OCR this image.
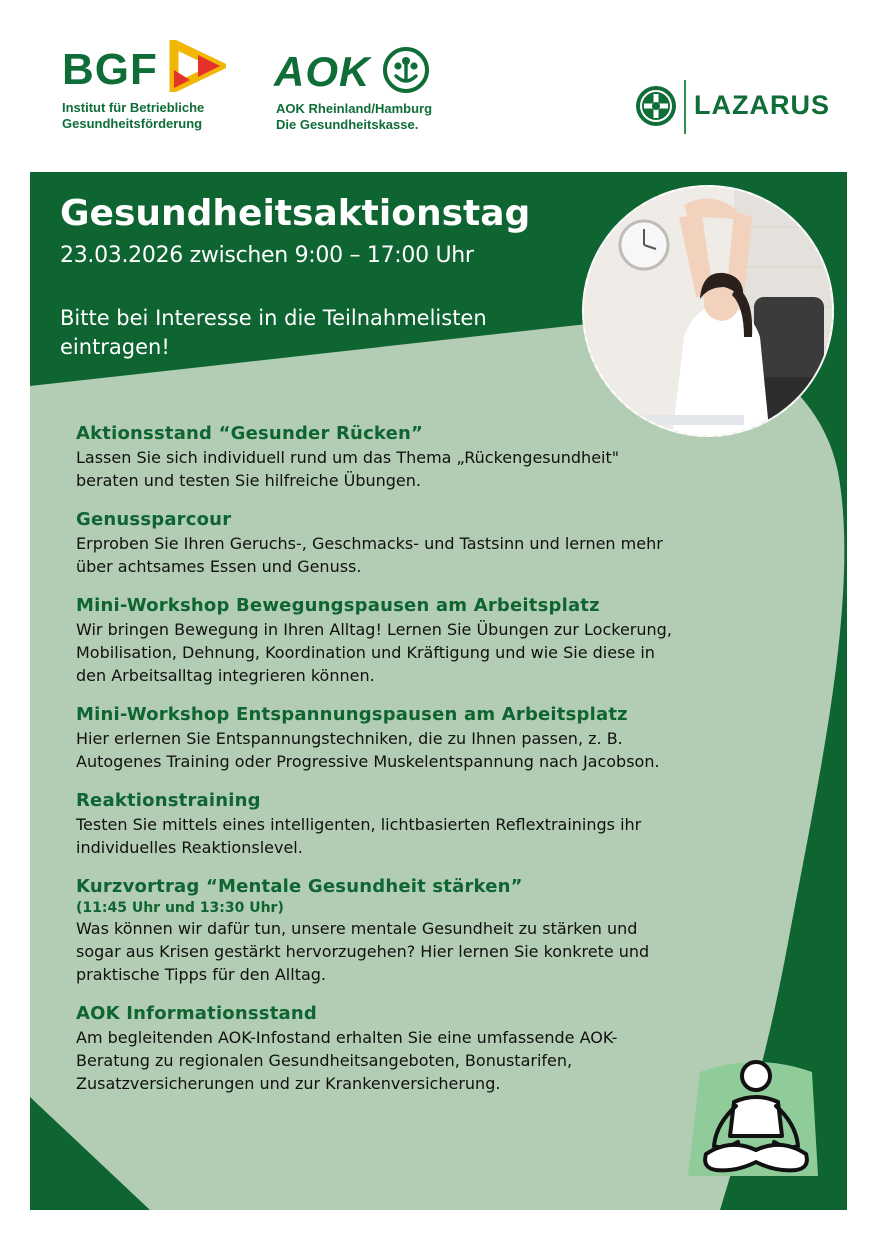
BGF
Institut für Betriebliche
Gesundheitsförderung
AOK
AOK Rheinland/Hamburg
Die Gesundheitskasse.
LAZARUS
Gesundheitsaktionstag
23.03.2026 zwischen 9:00 – 17:00 Uhr
Bitte bei Interesse in die Teilnahmelisten
eintragen!
Aktionsstand “Gesunder Rücken”
Lassen Sie sich individuell rund um das Thema „Rückengesundheit"
beraten und testen Sie hilfreiche Übungen.
Genussparcour
Erproben Sie Ihren Geruchs-, Geschmacks- und Tastsinn und lernen mehr
über achtsames Essen und Genuss.
Mini-Workshop Bewegungspausen am Arbeitsplatz
Wir bringen Bewegung in Ihren Alltag! Lernen Sie Übungen zur Lockerung,
Mobilisation, Dehnung, Koordination und Kräftigung und wie Sie diese in
den Arbeitsalltag integrieren können.
Mini-Workshop Entspannungspausen am Arbeitsplatz
Hier erlernen Sie Entspannungstechniken, die zu Ihnen passen, z. B.
Autogenes Training oder Progressive Muskelentspannung nach Jacobson.
Reaktionstraining
Testen Sie mittels eines intelligenten, lichtbasierten Reflextrainings ihr
individuelles Reaktionslevel.
Kurzvortrag “Mentale Gesundheit stärken”
(11:45 Uhr und 13:30 Uhr)
Was können wir dafür tun, unsere mentale Gesundheit zu stärken und
sogar aus Krisen gestärkt hervorzugehen? Hier lernen Sie konkrete und
praktische Tipps für den Alltag.
AOK Informationsstand
Am begleitenden AOK-Infostand erhalten Sie eine umfassende AOK-
Beratung zu regionalen Gesundheitsangeboten, Bonustarifen,
Zusatzversicherungen und zur Krankenversicherung.
